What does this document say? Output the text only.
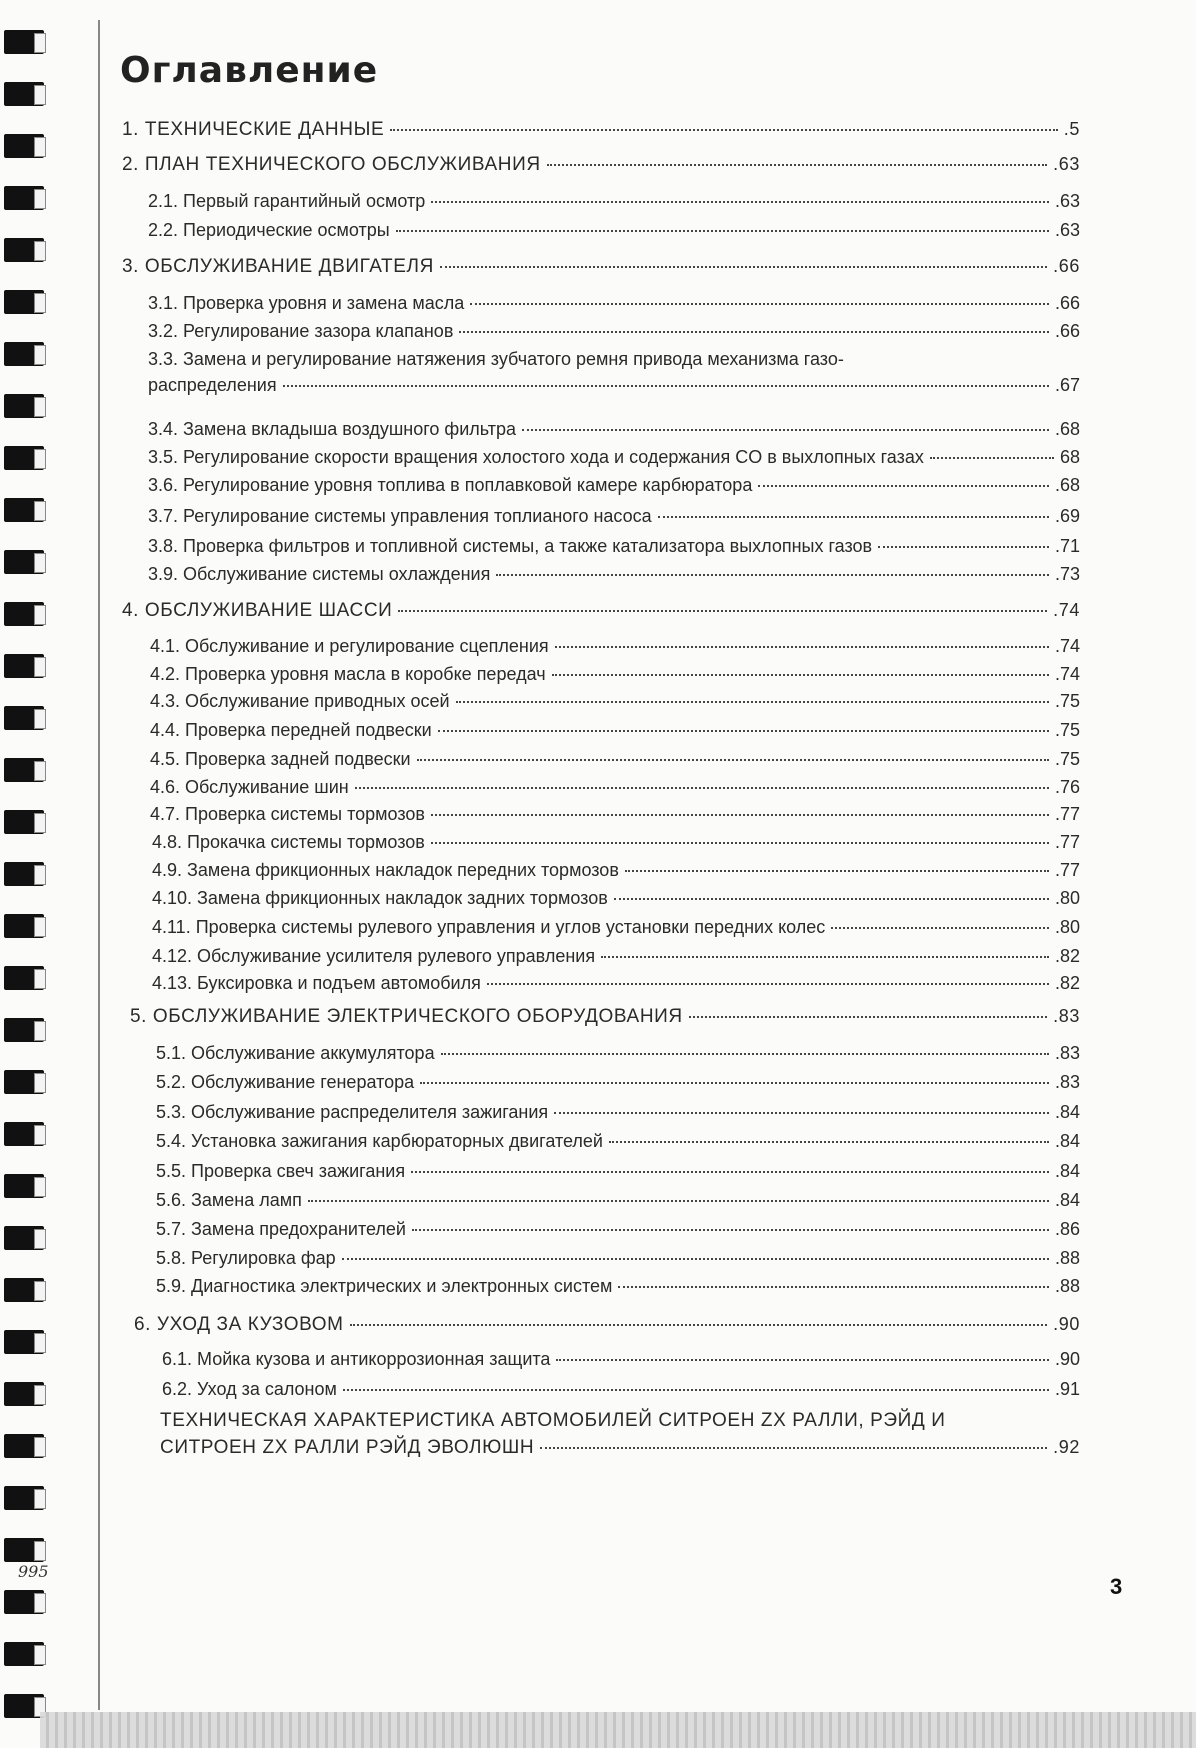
Оглавление
1. ТЕХНИЧЕСКИЕ ДАННЫЕ	.5
2. ПЛАН ТЕХНИЧЕСКОГО ОБСЛУЖИВАНИЯ	.63
2.1. Первый гарантийный осмотр	.63
2.2. Периодические осмотры	.63
3. ОБСЛУЖИВАНИЕ ДВИГАТЕЛЯ	.66
3.1. Проверка уровня и замена масла	.66
3.2. Регулирование зазора клапанов	.66
3.3. Замена и регулирование натяжения зубчатого ремня привода механизма газо-
распределения	.67
3.4. Замена вкладыша воздушного фильтра	.68
3.5. Регулирование скорости вращения холостого хода и содержания CO в выхлопных газах	68
3.6. Регулирование уровня топлива в поплавковой камере карбюратора	.68
3.7. Регулирование системы управления топлианого насоса	.69
3.8. Проверка фильтров и топливной системы, а также катализатора выхлопных газов	.71
3.9. Обслуживание системы охлаждения	.73
4. ОБСЛУЖИВАНИЕ ШАССИ	.74
4.1. Обслуживание и регулирование сцепления	.74
4.2. Проверка уровня масла в коробке передач	.74
4.3. Обслуживание приводных осей	.75
4.4. Проверка передней подвески	.75
4.5. Проверка задней подвески	.75
4.6. Обслуживание шин	.76
4.7. Проверка системы тормозов	.77
4.8. Прокачка системы тормозов	.77
4.9. Замена фрикционных накладок передних тормозов	.77
4.10. Замена фрикционных накладок задних тормозов	.80
4.11. Проверка системы рулевого управления и углов установки передних колес	.80
4.12. Обслуживание усилителя рулевого управления	.82
4.13. Буксировка и подъем автомобиля	.82
5. ОБСЛУЖИВАНИЕ ЭЛЕКТРИЧЕСКОГО ОБОРУДОВАНИЯ	.83
5.1. Обслуживание аккумулятора	.83
5.2. Обслуживание генератора	.83
5.3. Обслуживание распределителя зажигания	.84
5.4. Установка зажигания карбюраторных двигателей	.84
5.5. Проверка свеч зажигания	.84
5.6. Замена ламп	.84
5.7. Замена предохранителей	.86
5.8. Регулировка фар	.88
5.9. Диагностика электрических и электронных систем	.88
6. УХОД ЗА КУЗОВОМ	.90
6.1. Мойка кузова и антикоррозионная защита	.90
6.2. Уход за салоном	.91
ТЕХНИЧЕСКАЯ ХАРАКТЕРИСТИКА АВТОМОБИЛЕЙ СИТРОЕН ZX РАЛЛИ, РЭЙД И
СИТРОЕН ZX РАЛЛИ РЭЙД ЭВОЛЮШН	.92
995
3
